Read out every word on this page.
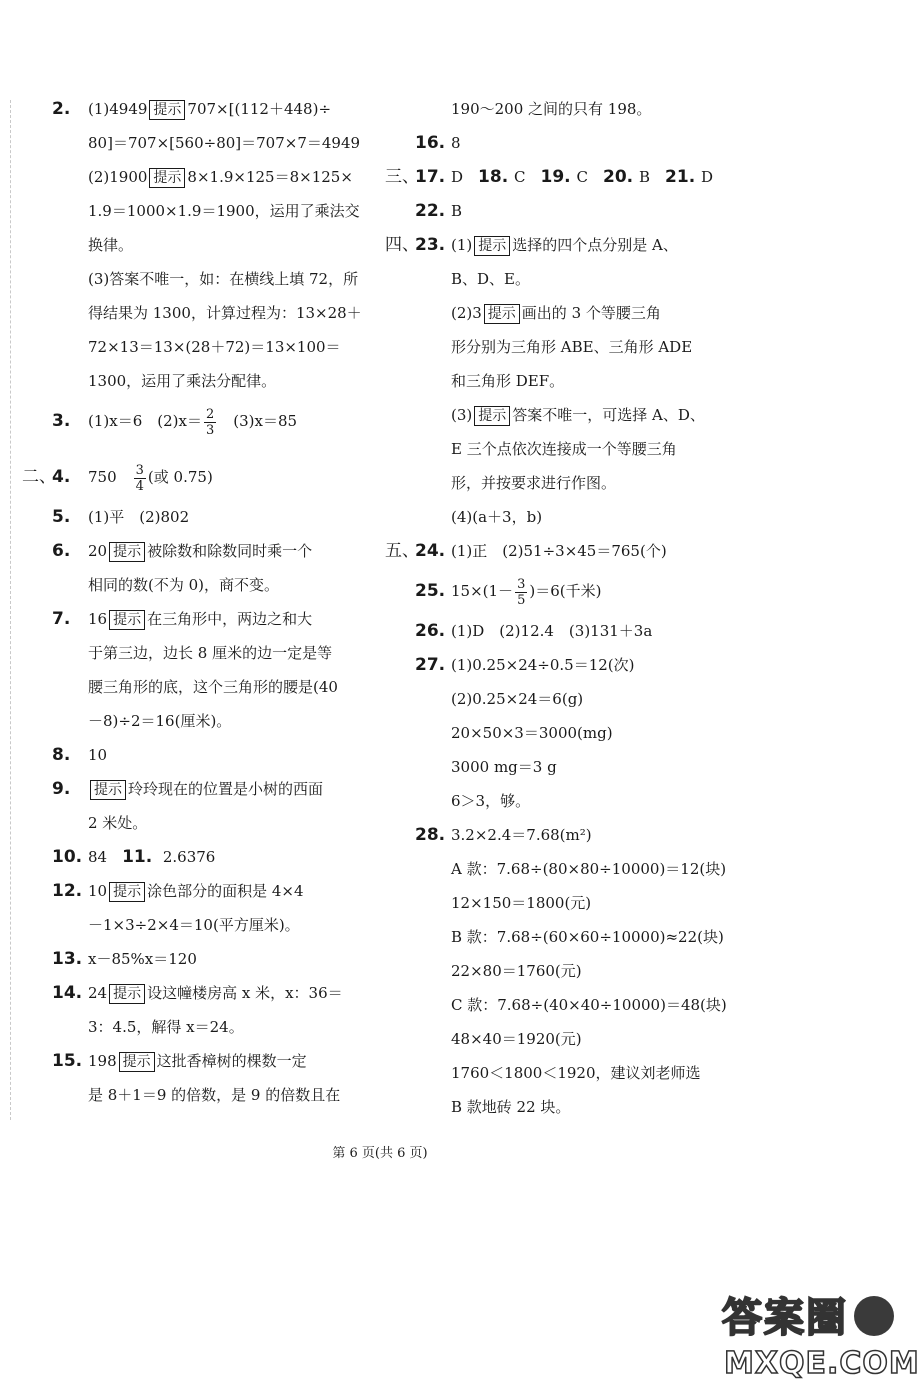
2. (1)4949 提示 707×[(112＋448)÷
80]＝707×[560÷80]＝707×7＝4949
(2)1900 提示 8×1.9×125＝8×125×
1.9＝1000×1.9＝1900，运用了乘法交
换律。
(3)答案不唯一，如：在横线上填 72，所
得结果为 1300，计算过程为：13×28＋
72×13＝13×(28＋72)＝13×100＝
1300，运用了乘法分配律。
3. (1)x＝6　$(2)x= \frac{2}{3}$ 　(3)x＝85
二、4. 750　 $\frac{3}{4}$ (或 0.75)
5. (1)平　(2)802
6. 20 提示 被除数和除数同时乘一个
相同的数(不为 0)，商不变。
7. 16 提示 在三角形中，两边之和大
于第三边，边长 8 厘米的边一定是等
腰三角形的底，这个三角形的腰是(40
－8)÷2＝16(厘米)。
8. 10
9. 提示 玲玲现在的位置是小树的西面
2 米处。
10. 84　11. 2.6376
12. 10 提示 涂色部分的面积是 4×4
－1×3÷2×4＝10(平方厘米)。
13. x－85%x＝120
14. 24 提示 设这幢楼房高 x 米，x：36＝
3：4.5，解得 x＝24。
15. 198 提示 这批香樟树的棵数一定
是 8＋1＝9 的倍数，是 9 的倍数且在
190～200 之间的只有 198。
16. 8
三、17. D　18. C　19. C　20. B　21. D
22. B
四、23. (1) 提示 选择的四个点分别是 A、
B、D、E。
(2)3 提示 画出的 3 个等腰三角
形分别为三角形 ABE、三角形 ADE
和三角形 DEF。
(3) 提示 答案不唯一，可选择 A、D、
E 三个点依次连接成一个等腰三角
形，并按要求进行作图。
(4)(a＋3，b)
五、24. (1)正　(2)51÷3×45＝765(个)
25. $15\times(1- \frac{3}{5} )=6$(千米)
26. (1)D　(2)12.4　(3)131＋3a
27. (1)0.25×24÷0.5＝12(次)
(2)0.25×24＝6(g)
20×50×3＝3000(mg)
3000 mg＝3 g
6＞3，够。
28. 3.2×2.4＝7.68(m²)
A 款：7.68÷(80×80÷10000)＝12(块)
12×150＝1800(元)
B 款：7.68÷(60×60÷10000)≈22(块)
22×80＝1760(元)
C 款：7.68÷(40×40÷10000)＝48(块)
48×40＝1920(元)
1760＜1800＜1920，建议刘老师选
B 款地砖 22 块。
第 6 页(共 6 页)
答案圈
MXQE.COM
